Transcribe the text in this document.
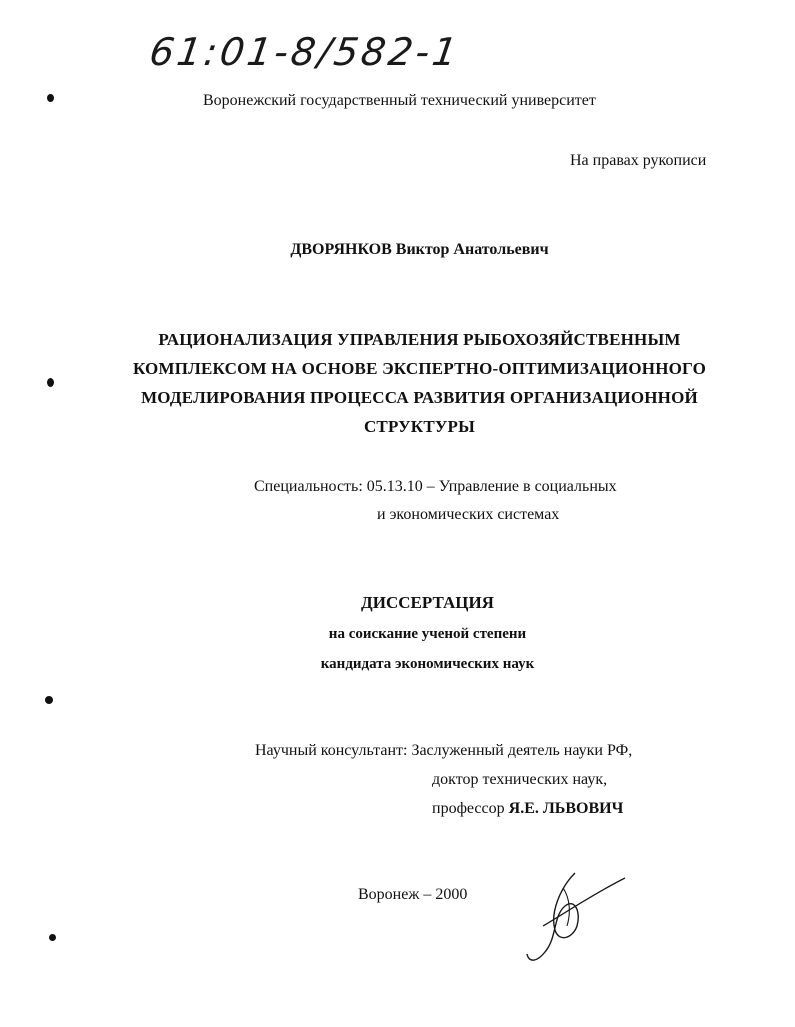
61:01-8/582-1
Воронежский государственный технический университет
На правах рукописи
ДВОРЯНКОВ Виктор Анатольевич
РАЦИОНАЛИЗАЦИЯ УПРАВЛЕНИЯ РЫБОХОЗЯЙСТВЕННЫМ
КОМПЛЕКСОМ НА ОСНОВЕ ЭКСПЕРТНО-ОПТИМИЗАЦИОННОГО
МОДЕЛИРОВАНИЯ ПРОЦЕССА РАЗВИТИЯ ОРГАНИЗАЦИОННОЙ
СТРУКТУРЫ
Специальность: 05.13.10 – Управление в социальных
и экономических системах
ДИССЕРТАЦИЯ
на соискание ученой степени
кандидата экономических наук
Научный консультант: Заслуженный деятель науки РФ,
доктор технических наук,
профессор Я.Е. ЛЬВОВИЧ
Воронеж – 2000
